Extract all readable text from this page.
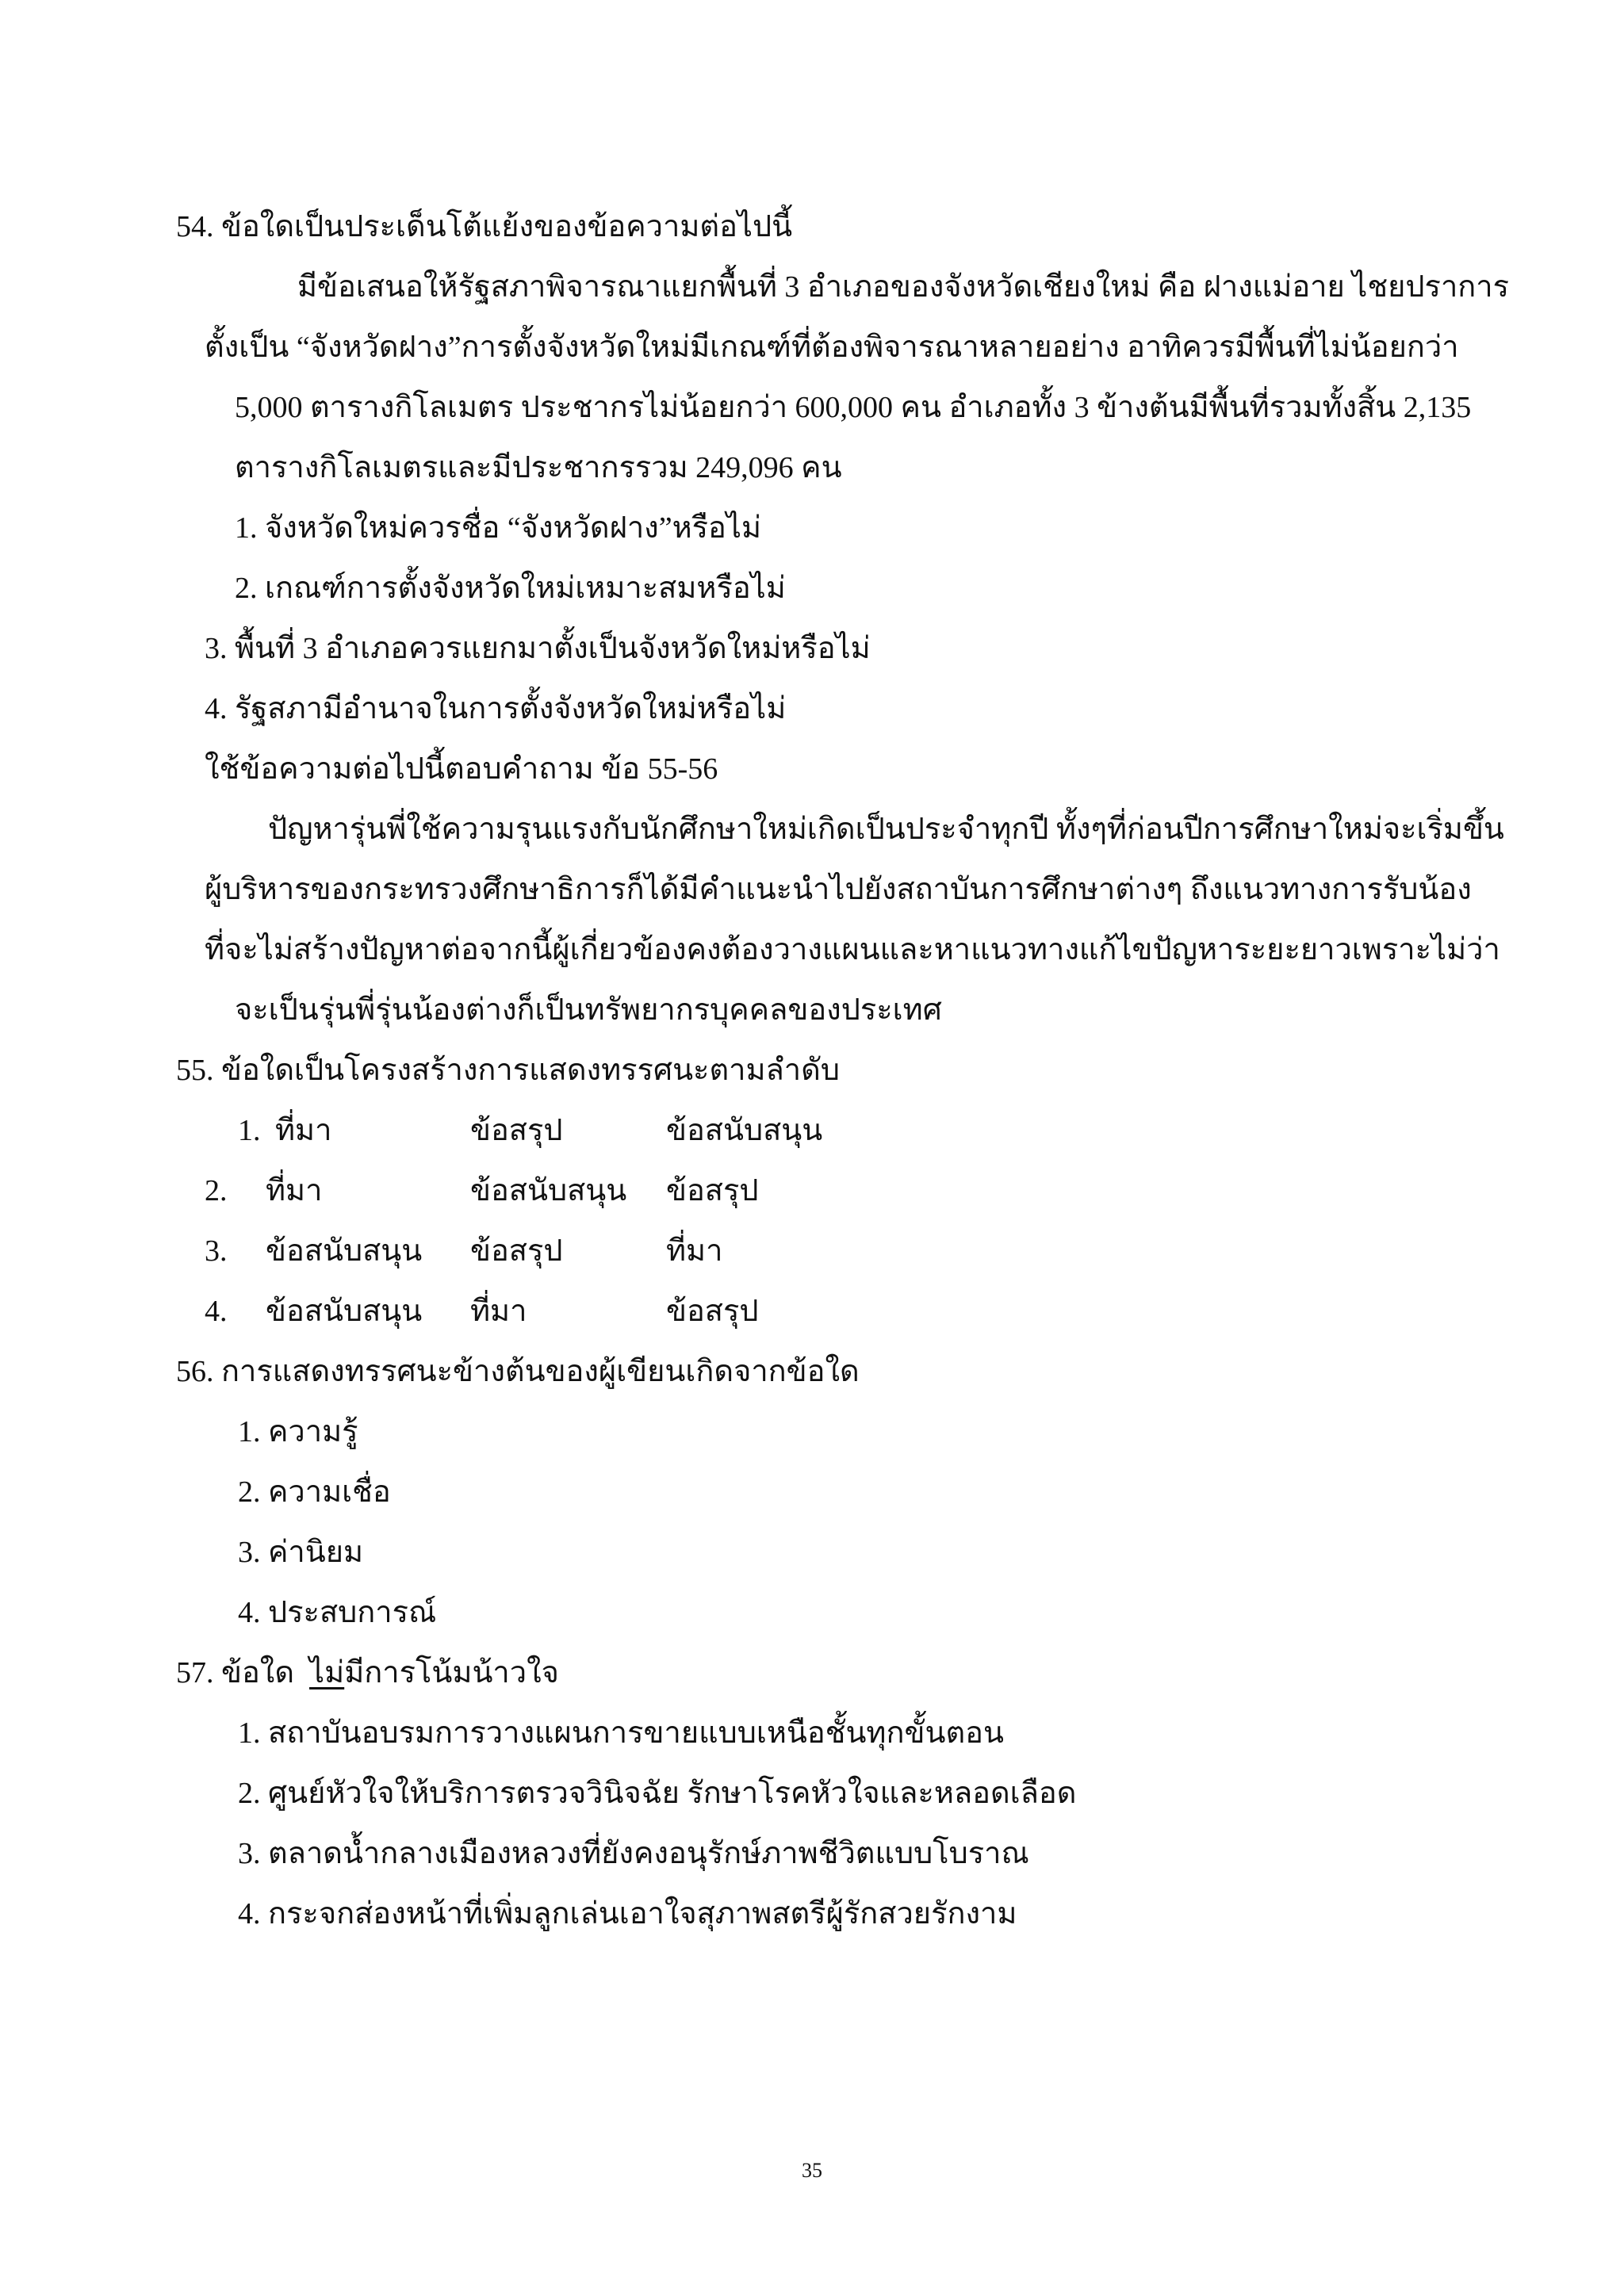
54. ข้อใดเป็นประเด็นโต้แย้งของข้อความต่อไปนี้
มีข้อเสนอให้รัฐสภาพิจารณาแยกพื้นที่ 3 อำเภอของจังหวัดเชียงใหม่ คือ ฝางแม่อาย ไชยปราการ
ตั้งเป็น “จังหวัดฝาง”การตั้งจังหวัดใหม่มีเกณฑ์ที่ต้องพิจารณาหลายอย่าง อาทิควรมีพื้นที่ไม่น้อยกว่า
5,000 ตารางกิโลเมตร ประชากรไม่น้อยกว่า 600,000 คน อำเภอทั้ง 3 ข้างต้นมีพื้นที่รวมทั้งสิ้น 2,135
ตารางกิโลเมตรและมีประชากรรวม 249,096 คน
1. จังหวัดใหม่ควรชื่อ “จังหวัดฝาง”หรือไม่
2. เกณฑ์การตั้งจังหวัดใหม่เหมาะสมหรือไม่
3. พื้นที่ 3 อำเภอควรแยกมาตั้งเป็นจังหวัดใหม่หรือไม่
4. รัฐสภามีอำนาจในการตั้งจังหวัดใหม่หรือไม่
ใช้ข้อความต่อไปนี้ตอบคำถาม ข้อ 55-56
ปัญหารุ่นพี่ใช้ความรุนแรงกับนักศึกษาใหม่เกิดเป็นประจำทุกปี ทั้งๆที่ก่อนปีการศึกษาใหม่จะเริ่มขึ้น
ผู้บริหารของกระทรวงศึกษาธิการก็ได้มีคำแนะนำไปยังสถาบันการศึกษาต่างๆ ถึงแนวทางการรับน้อง
ที่จะไม่สร้างปัญหาต่อจากนี้ผู้เกี่ยวข้องคงต้องวางแผนและหาแนวทางแก้ไขปัญหาระยะยาวเพราะไม่ว่า
จะเป็นรุ่นพี่รุ่นน้องต่างก็เป็นทรัพยากรบุคคลของประเทศ
55. ข้อใดเป็นโครงสร้างการแสดงทรรศนะตามลำดับ
1. ที่มา	ข้อสรุป	ข้อสนับสนุน
2. ที่มา	ข้อสนับสนุน ข้อสรุป
3. ข้อสนับสนุน ข้อสรุป	ที่มา
4. ข้อสนับสนุน ที่มา	ข้อสรุป
56. การแสดงทรรศนะข้างต้นของผู้เขียนเกิดจากข้อใด
1. ความรู้
2. ความเชื่อ
3. ค่านิยม
4. ประสบการณ์
57. ข้อใด  ไม่มีการโน้มน้าวใจ
1. สถาบันอบรมการวางแผนการขายแบบเหนือชั้นทุกขั้นตอน
2. ศูนย์หัวใจให้บริการตรวจวินิจฉัย รักษาโรคหัวใจและหลอดเลือด
3. ตลาดน้ำกลางเมืองหลวงที่ยังคงอนุรักษ์ภาพชีวิตแบบโบราณ
4. กระจกส่องหน้าที่เพิ่มลูกเล่นเอาใจสุภาพสตรีผู้รักสวยรักงาม
35
